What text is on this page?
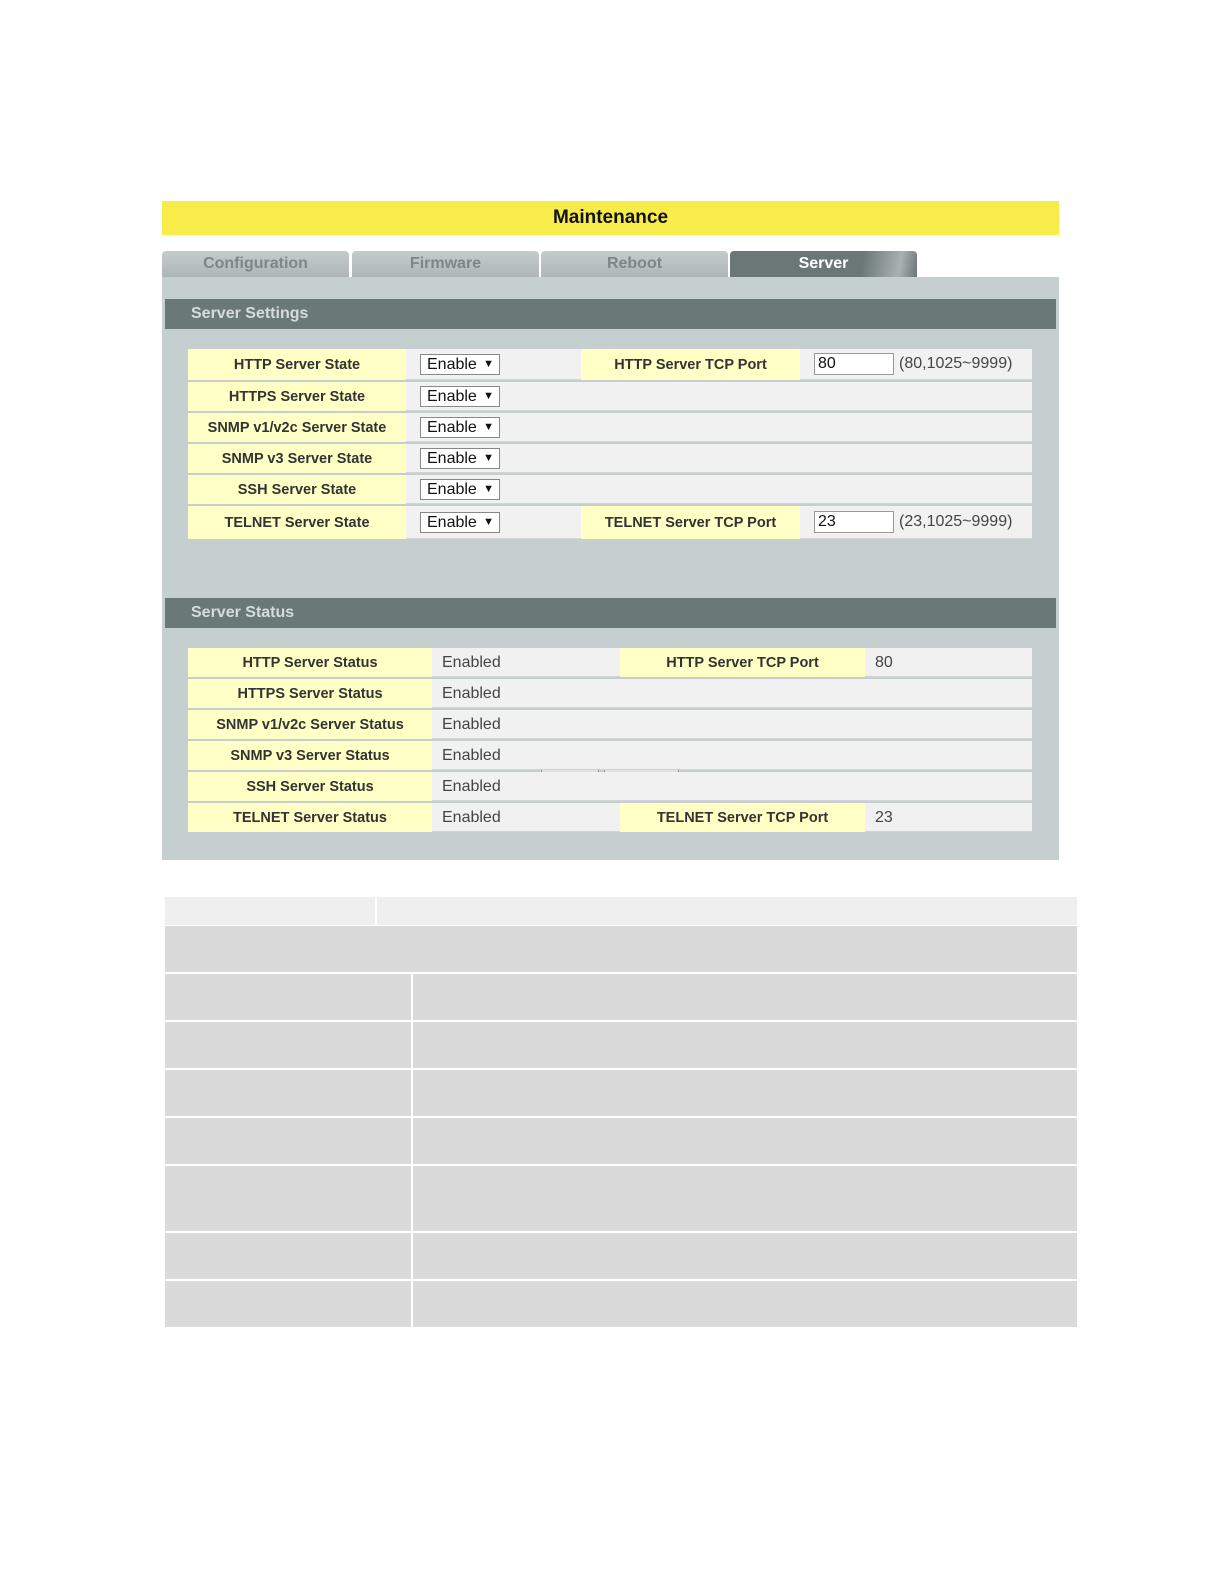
Maintenance
Configuration	Firmware	Reboot	Server
Server Settings
HTTP Server State	Enable ▼	HTTP Server TCP Port	80	(80,1025~9999)
HTTPS Server State	Enable ▼
SNMP v1/v2c Server State	Enable ▼
SNMP v3 Server State	Enable ▼
SSH Server State	Enable ▼
TELNET Server State	Enable ▼	TELNET Server TCP Port	23	(23,1025~9999)
Server Status
HTTP Server Status	Enabled	HTTP Server TCP Port	80
HTTPS Server Status	Enabled
SNMP v1/v2c Server Status	Enabled
SNMP v3 Server Status	Enabled
SSH Server Status	Enabled
TELNET Server Status	Enabled	TELNET Server TCP Port	23
